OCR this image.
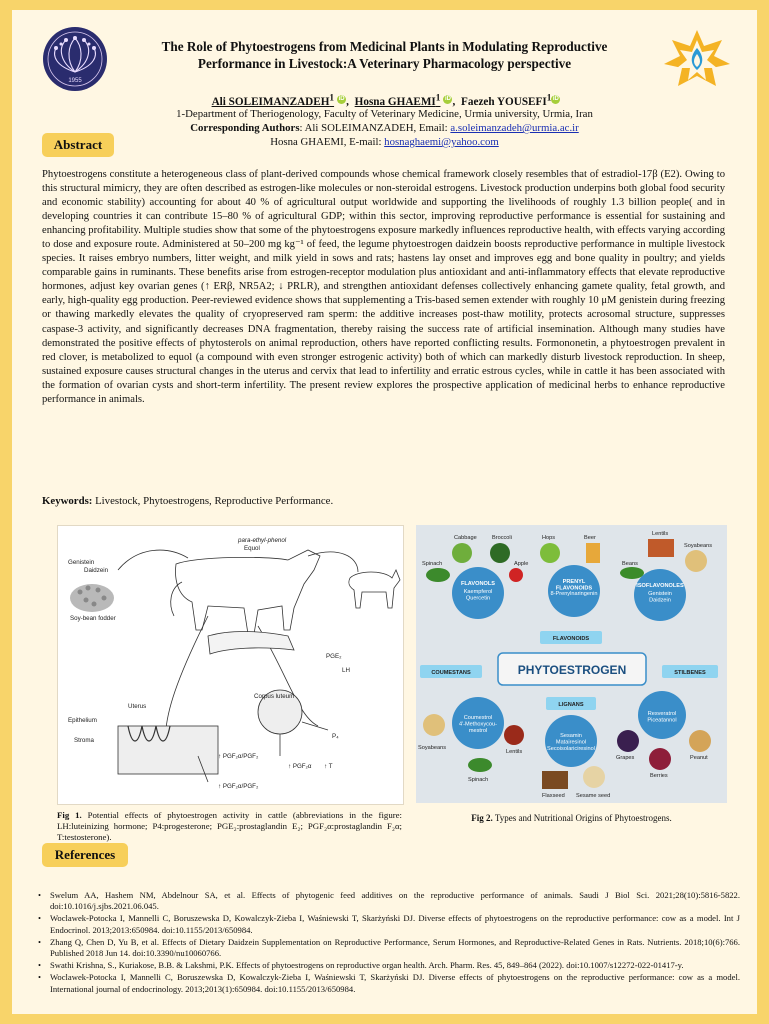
1955
The Role of Phytoestrogens from Medicinal Plants in Modulating Reproductive
Performance in Livestock:A Veterinary Pharmacology perspective
Ali SOLEIMANZADEH$^1$ iD , Hosna GHAEMI$^1$ iD , Faezeh YOUSEFI$^1$ iD
1-Department of Theriogenology, Faculty of Veterinary Medicine, Urmia university, Urmia, Iran
Corresponding Authors: Ali SOLEIMANZADEH, Email: a.soleimanzadeh@urmia.ac.ir
Hosna GHAEMI, E-mail: hosnaghaemi@yahoo.com
Abstract
Phytoestrogens constitute a heterogeneous class of plant-derived compounds whose chemical framework closely resembles that of estradiol-17β (E2). Owing to this structural mimicry, they are often described as estrogen-like molecules or non-steroidal estrogens. Livestock production underpins both global food security and economic stability) accounting for about 40 % of agricultural output worldwide and supporting the livelihoods of roughly 1.3 billion people( and in developing countries it can contribute 15–80 % of agricultural GDP; within this sector, improving reproductive performance is essential for sustaining and enhancing profitability. Multiple studies show that some of the phytoestrogens exposure markedly influences reproductive health, with effects varying according to dose and exposure route. Administered at 50–200 mg kg⁻¹ of feed, the legume phytoestrogen daidzein boosts reproductive performance in multiple livestock species. It raises embryo numbers, litter weight, and milk yield in sows and rats; hastens lay onset and improves egg and bone quality in poultry; and yields comparable gains in ruminants. These benefits arise from estrogen-receptor modulation plus antioxidant and anti-inflammatory effects that elevate reproductive hormones, adjust key ovarian genes (↑ ERβ, NR5A2; ↓ PRLR), and strengthen antioxidant defenses collectively enhancing gamete quality, fetal growth, and early, high-quality egg production. Peer-reviewed evidence shows that supplementing a Tris-based semen extender with roughly 10 μM genistein during freezing or thawing markedly elevates the quality of cryopreserved ram sperm: the additive increases post-thaw motility, protects acrosomal structure, suppresses caspase-3 activity, and significantly decreases DNA fragmentation, thereby raising the success rate of artificial insemination. Although many studies have demonstrated the positive effects of phytosterols on animal reproduction, others have reported conflicting results. Formononetin, a phytoestrogen prevalent in red clover, is metabolized to equol (a compound with even stronger estrogenic activity) both of which can markedly disturb livestock reproduction. In sheep, sustained exposure causes structural changes in the uterus and cervix that lead to infertility and erratic estrous cycles, while in cattle it has been associated with the formation of ovarian cysts and short-term infertility. The present review explores the prospective application of medicinal herbs to enhance reproductive performance in animals.
Keywords: Livestock, Phytoestrogens, Reproductive Performance.
Genistein
Daidzein
Soy-bean fodder
para-ethyl-phenol
Equol
PGE₂
LH
Corpus luteum
P₄
Epithelium
Uterus
Stroma
↑ PGF₂α/PGF₂
↑ PGF₂α/PGF₂
↑ PGF₂α ↑ T
Cabbage	Broccoli	Hops	Beer
Lentils
Soyabeans
Spinach	Apple	Beans
FLAVONOLS
Kaempferol Quercetin
PRENYL FLAVONOIDS
8-Prenylnaringenin
ISOFLAVONOLES
Genistein Daidzein
FLAVONOIDS
PHYTOESTROGEN
COUMESTANS
Coumestrol 4'-Methoxycou-mestrol
STILBENES
Resveratrol Piceatannol
LIGNANS
Sesamin Matairesinol Secoisolariciresinol
Soyabeans
Spinach
Lentils
Flaxseed Sesame seed
Grapes
Berries
Peanut
Fig 1. Potential effects of phytoestrogen activity in cattle (abbreviations in the figure: LH:luteinizing hormone; P4:progesterone; PGE₂:prostaglandin E₂; PGF₂α:prostaglandin F₂α; T:testosterone).
Fig 2. Types and Nutritional Origins of Phytoestrogens.
References
• Swelum AA, Hashem NM, Abdelnour SA, et al. Effects of phytogenic feed additives on the reproductive performance of animals. Saudi J Biol Sci. 2021;28(10):5816-5822. doi:10.1016/j.sjbs.2021.06.045.
• Woclawek-Potocka I, Mannelli C, Boruszewska D, Kowalczyk-Zieba I, Waśniewski T, Skarżyński DJ. Diverse effects of phytoestrogens on the reproductive performance: cow as a model. Int J Endocrinol. 2013;2013:650984. doi:10.1155/2013/650984.
• Zhang Q, Chen D, Yu B, et al. Effects of Dietary Daidzein Supplementation on Reproductive Performance, Serum Hormones, and Reproductive-Related Genes in Rats. Nutrients. 2018;10(6):766. Published 2018 Jun 14. doi:10.3390/nu10060766.
• Swathi Krishna, S., Kuriakose, B.B. & Lakshmi, P.K. Effects of phytoestrogens on reproductive organ health. Arch. Pharm. Res. 45, 849–864 (2022). doi:10.1007/s12272-022-01417-y.
• Woclawek-Potocka I, Mannelli C, Boruszewska D, Kowalczyk-Zieba I, Waśniewski T, Skarżyński DJ. Diverse effects of phytoestrogens on the reproductive performance: cow as a model. International journal of endocrinology. 2013;2013(1):650984. doi:10.1155/2013/650984.
